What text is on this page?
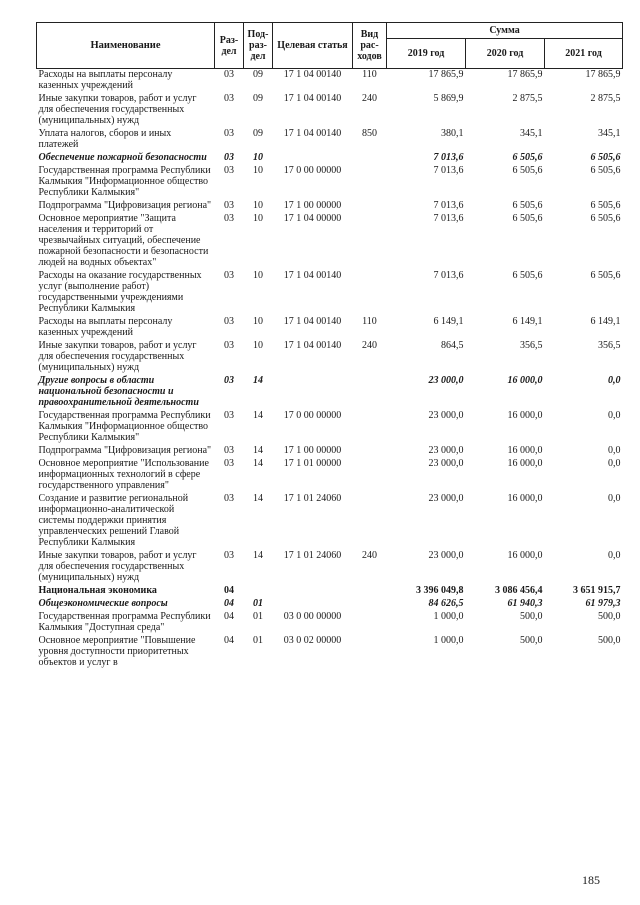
Наименование	Раз-дел	Под-раз-дел	Целевая статья	Вид рас-ходов	Сумма		
					2019 год	2020 год	2021 год
Расходы на выплаты персоналу казенных учреждений	03	09	17 1 04 00140	110	17 865,9	17 865,9	17 865,9
Иные закупки товаров, работ и услуг для обеспечения государственных (муниципальных) нужд	03	09	17 1 04 00140	240	5 869,9	2 875,5	2 875,5
Уплата налогов, сборов и иных платежей	03	09	17 1 04 00140	850	380,1	345,1	345,1
Обеспечение пожарной безопасности	03	10			7 013,6	6 505,6	6 505,6
Государственная программа Республики Калмыкия "Информационное общество Республики Калмыкия"	03	10	17 0 00 00000		7 013,6	6 505,6	6 505,6
Подпрограмма "Цифровизация региона"	03	10	17 1 00 00000		7 013,6	6 505,6	6 505,6
Основное мероприятие "Защита населения и территорий от чрезвычайных ситуаций, обеспечение пожарной безопасности и безопасности людей на водных объектах"	03	10	17 1 04 00000		7 013,6	6 505,6	6 505,6
Расходы на оказание государственных услуг (выполнение работ) государственными учреждениями Республики Калмыкия	03	10	17 1 04 00140		7 013,6	6 505,6	6 505,6
Расходы на выплаты персоналу казенных учреждений	03	10	17 1 04 00140	110	6 149,1	6 149,1	6 149,1
Иные закупки товаров, работ и услуг для обеспечения государственных (муниципальных) нужд	03	10	17 1 04 00140	240	864,5	356,5	356,5
Другие вопросы в области национальной безопасности и правоохранительной деятельности	03	14			23 000,0	16 000,0	0,0
Государственная программа Республики Калмыкия "Информационное общество Республики Калмыкия"	03	14	17 0 00 00000		23 000,0	16 000,0	0,0
Подпрограмма "Цифровизация региона"	03	14	17 1 00 00000		23 000,0	16 000,0	0,0
Основное мероприятие "Использование информационных технологий в сфере государственного управления"	03	14	17 1 01 00000		23 000,0	16 000,0	0,0
Создание и развитие региональной информационно-аналитической системы поддержки принятия управленческих решений Главой Республики Калмыкия	03	14	17 1 01 24060		23 000,0	16 000,0	0,0
Иные закупки товаров, работ и услуг для обеспечения государственных (муниципальных) нужд	03	14	17 1 01 24060	240	23 000,0	16 000,0	0,0
Национальная экономика	04				3 396 049,8	3 086 456,4	3 651 915,7
Общеэкономические вопросы	04	01			84 626,5	61 940,3	61 979,3
Государственная программа Республики Калмыкия "Доступная среда"	04	01	03 0 00 00000		1 000,0	500,0	500,0
Основное мероприятие "Повышение уровня доступности приоритетных объектов и услуг в	04	01	03 0 02 00000		1 000,0	500,0	500,0
185
